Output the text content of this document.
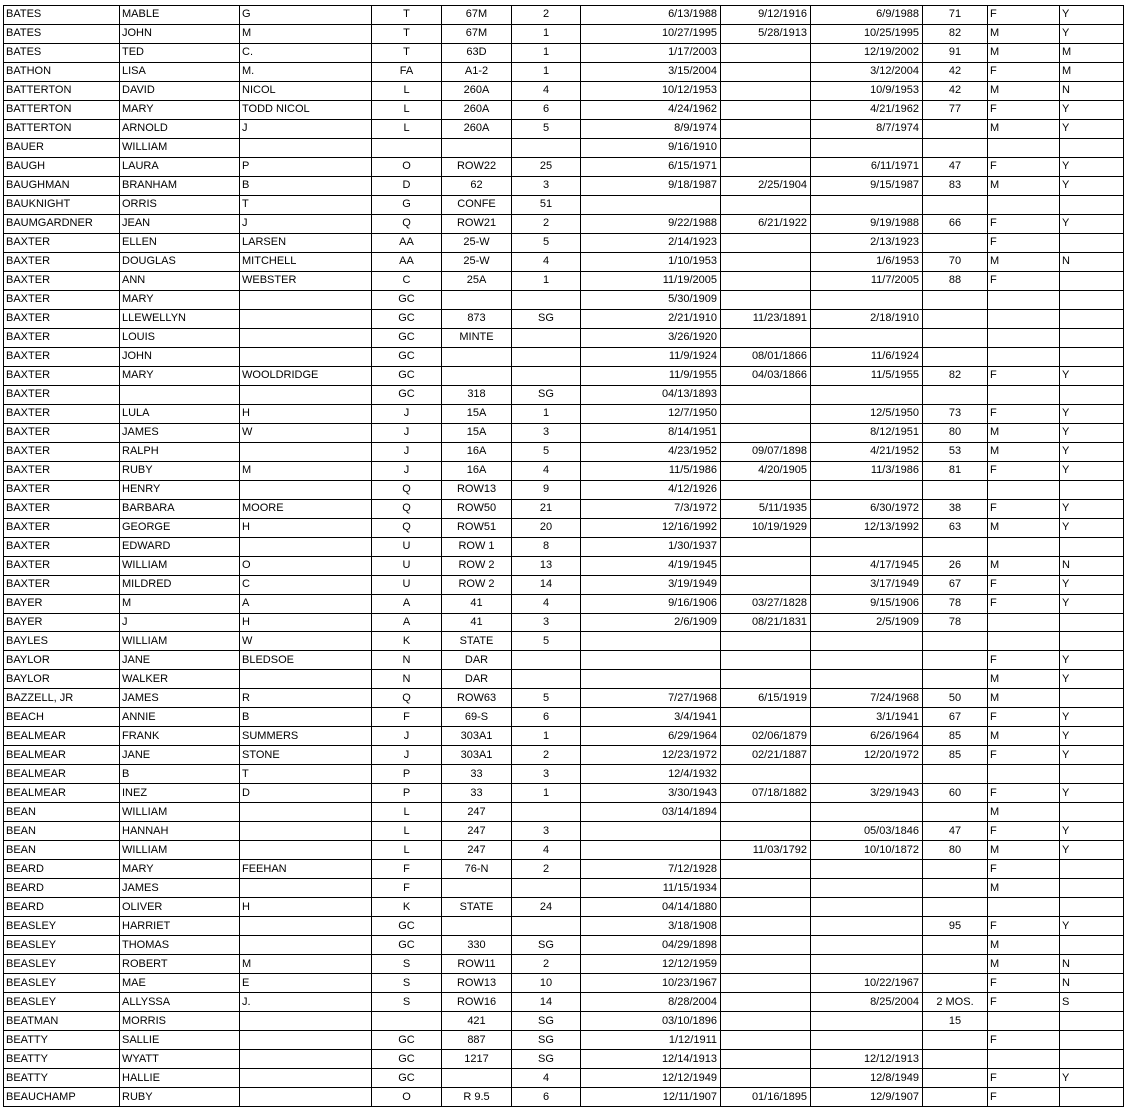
BATES	MABLE	G	T	67M	2	6/13/1988	9/12/1916	6/9/1988	71	F	Y
BATES	JOHN	M	T	67M	1	10/27/1995	5/28/1913	10/25/1995	82	M	Y
BATES	TED	C.	T	63D	1	1/17/2003		12/19/2002	91	M	M
BATHON	LISA	M.	FA	A1-2	1	3/15/2004		3/12/2004	42	F	M
BATTERTON	DAVID	NICOL	L	260A	4	10/12/1953		10/9/1953	42	M	N
BATTERTON	MARY	TODD NICOL	L	260A	6	4/24/1962		4/21/1962	77	F	Y
BATTERTON	ARNOLD	J	L	260A	5	8/9/1974		8/7/1974		M	Y
BAUER	WILLIAM					9/16/1910					
BAUGH	LAURA	P	O	ROW22	25	6/15/1971		6/11/1971	47	F	Y
BAUGHMAN	BRANHAM	B	D	62	3	9/18/1987	2/25/1904	9/15/1987	83	M	Y
BAUKNIGHT	ORRIS	T	G	CONFE	51						
BAUMGARDNER	JEAN	J	Q	ROW21	2	9/22/1988	6/21/1922	9/19/1988	66	F	Y
BAXTER	ELLEN	LARSEN	AA	25-W	5	2/14/1923		2/13/1923		F	
BAXTER	DOUGLAS	MITCHELL	AA	25-W	4	1/10/1953		1/6/1953	70	M	N
BAXTER	ANN	WEBSTER	C	25A	1	11/19/2005		11/7/2005	88	F	
BAXTER	MARY		GC			5/30/1909					
BAXTER	LLEWELLYN		GC	873	SG	2/21/1910	11/23/1891	2/18/1910			
BAXTER	LOUIS		GC	MINTE		3/26/1920					
BAXTER	JOHN		GC			11/9/1924	08/01/1866	11/6/1924			
BAXTER	MARY	WOOLDRIDGE	GC			11/9/1955	04/03/1866	11/5/1955	82	F	Y
BAXTER			GC	318	SG	04/13/1893					
BAXTER	LULA	H	J	15A	1	12/7/1950		12/5/1950	73	F	Y
BAXTER	JAMES	W	J	15A	3	8/14/1951		8/12/1951	80	M	Y
BAXTER	RALPH		J	16A	5	4/23/1952	09/07/1898	4/21/1952	53	M	Y
BAXTER	RUBY	M	J	16A	4	11/5/1986	4/20/1905	11/3/1986	81	F	Y
BAXTER	HENRY		Q	ROW13	9	4/12/1926					
BAXTER	BARBARA	MOORE	Q	ROW50	21	7/3/1972	5/11/1935	6/30/1972	38	F	Y
BAXTER	GEORGE	H	Q	ROW51	20	12/16/1992	10/19/1929	12/13/1992	63	M	Y
BAXTER	EDWARD		U	ROW 1	8	1/30/1937					
BAXTER	WILLIAM	O	U	ROW 2	13	4/19/1945		4/17/1945	26	M	N
BAXTER	MILDRED	C	U	ROW 2	14	3/19/1949		3/17/1949	67	F	Y
BAYER	M	A	A	41	4	9/16/1906	03/27/1828	9/15/1906	78	F	Y
BAYER	J	H	A	41	3	2/6/1909	08/21/1831	2/5/1909	78		
BAYLES	WILLIAM	W	K	STATE	5						
BAYLOR	JANE	BLEDSOE	N	DAR						F	Y
BAYLOR	WALKER		N	DAR						M	Y
BAZZELL, JR	JAMES	R	Q	ROW63	5	7/27/1968	6/15/1919	7/24/1968	50	M	
BEACH	ANNIE	B	F	69-S	6	3/4/1941		3/1/1941	67	F	Y
BEALMEAR	FRANK	SUMMERS	J	303A1	1	6/29/1964	02/06/1879	6/26/1964	85	M	Y
BEALMEAR	JANE	STONE	J	303A1	2	12/23/1972	02/21/1887	12/20/1972	85	F	Y
BEALMEAR	B	T	P	33	3	12/4/1932					
BEALMEAR	INEZ	D	P	33	1	3/30/1943	07/18/1882	3/29/1943	60	F	Y
BEAN	WILLIAM		L	247		03/14/1894				M	
BEAN	HANNAH		L	247	3			05/03/1846	47	F	Y
BEAN	WILLIAM		L	247	4		11/03/1792	10/10/1872	80	M	Y
BEARD	MARY	FEEHAN	F	76-N	2	7/12/1928				F	
BEARD	JAMES		F			11/15/1934				M	
BEARD	OLIVER	H	K	STATE	24	04/14/1880					
BEASLEY	HARRIET		GC			3/18/1908			95	F	Y
BEASLEY	THOMAS		GC	330	SG	04/29/1898				M	
BEASLEY	ROBERT	M	S	ROW11	2	12/12/1959				M	N
BEASLEY	MAE	E	S	ROW13	10	10/23/1967		10/22/1967		F	N
BEASLEY	ALLYSSA	J.	S	ROW16	14	8/28/2004		8/25/2004	2 MOS.	F	S
BEATMAN	MORRIS			421	SG	03/10/1896			15		
BEATTY	SALLIE		GC	887	SG	1/12/1911				F	
BEATTY	WYATT		GC	1217	SG	12/14/1913		12/12/1913			
BEATTY	HALLIE		GC		4	12/12/1949		12/8/1949		F	Y
BEAUCHAMP	RUBY		O	R 9.5	6	12/11/1907	01/16/1895	12/9/1907		F	
